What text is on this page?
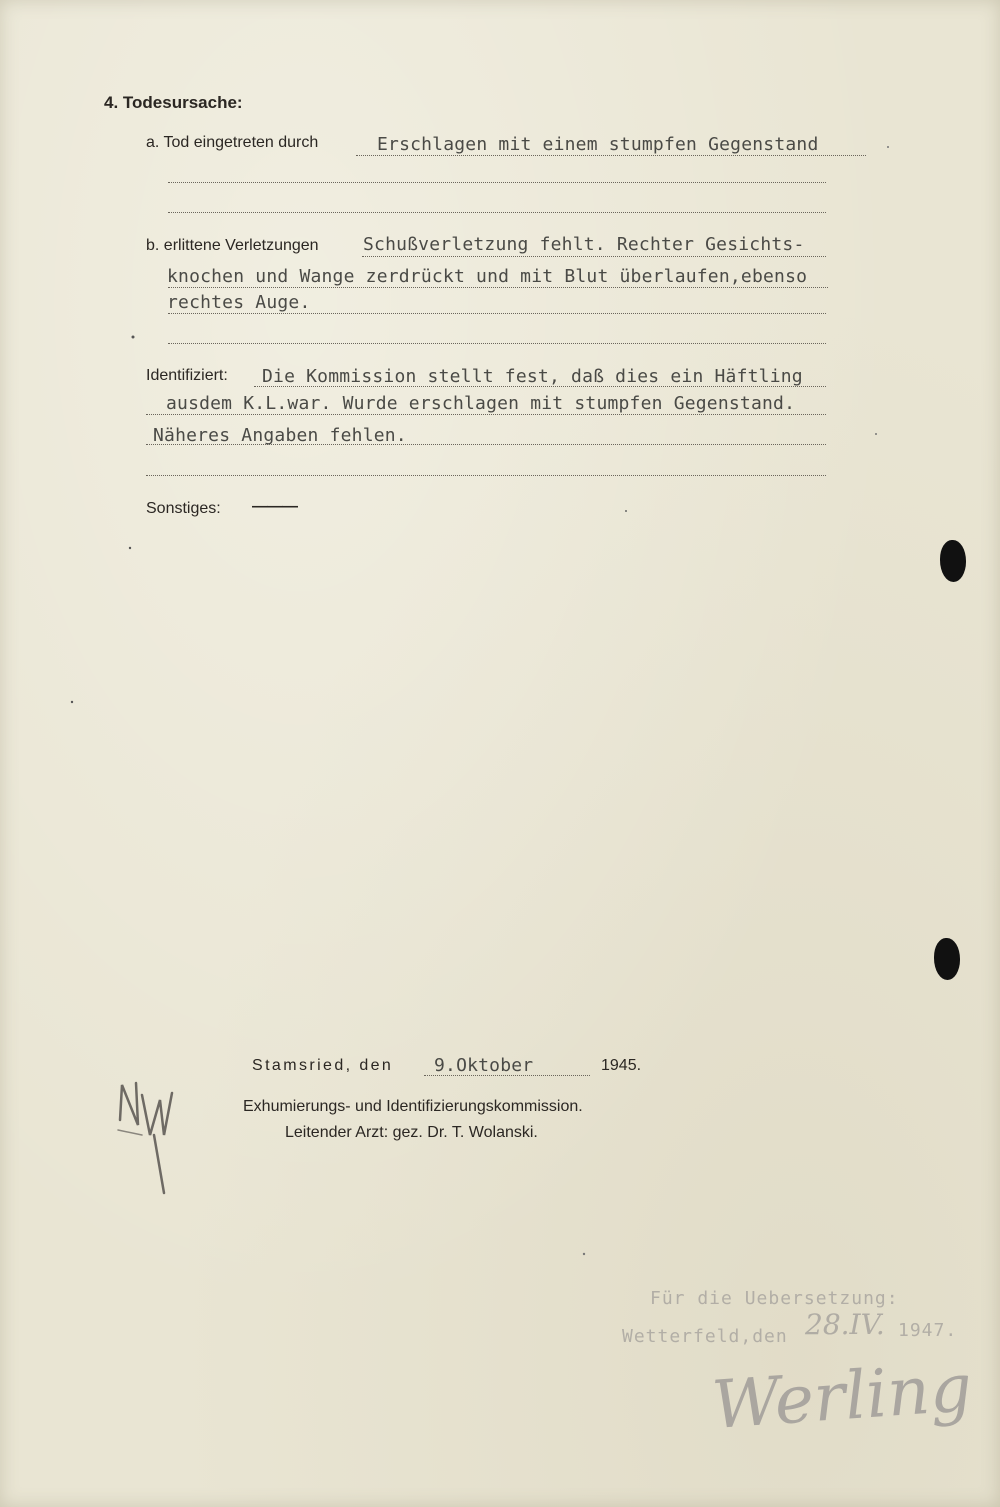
4. Todesursache:
a. Tod eingetreten durch	Erschlagen mit einem stumpfen Gegenstand
b. erlittene Verletzungen Schußverletzung fehlt. Rechter Gesichts-
knochen und Wange zerdrückt und mit Blut überlaufen,ebenso
rechtes Auge.
Identifiziert: Die Kommission stellt fest, daß dies ein Häftling
ausdem K.L.war. Wurde erschlagen mit stumpfen Gegenstand.
Näheres Angaben fehlen.
Sonstiges: ———
Stamsried, den 9.Oktober	1945.
Exhumierungs- und Identifizierungskommission.
Leitender Arzt: gez. Dr. T. Wolanski.
Für die Uebersetzung:
Wetterfeld,den 28.IV. 1947.
Werling
